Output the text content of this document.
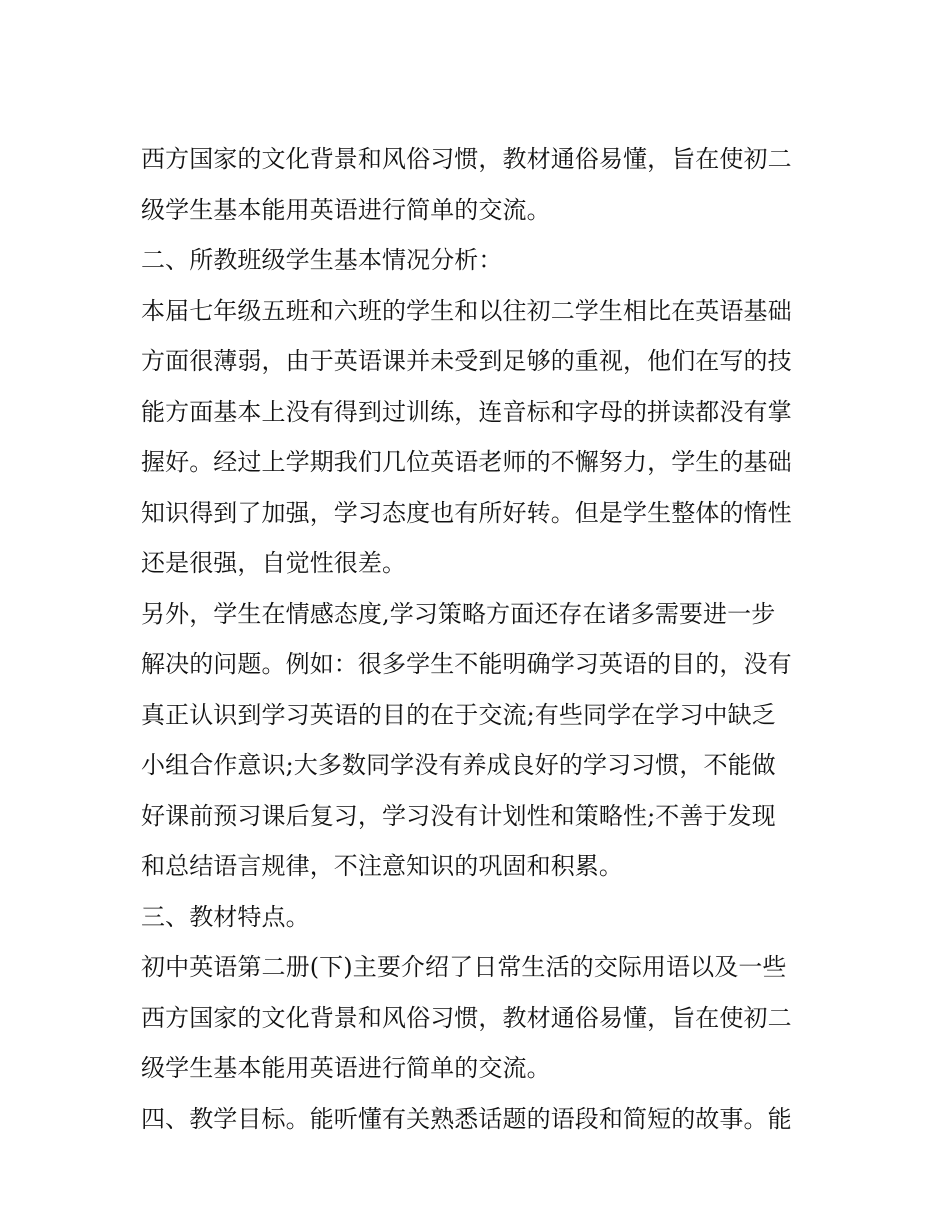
西方国家的文化背景和风俗习惯，教材通俗易懂，旨在使初二

级学生基本能用英语进行简单的交流。

二、所教班级学生基本情况分析：

本届七年级五班和六班的学生和以往初二学生相比在英语基础

方面很薄弱，由于英语课并未受到足够的重视，他们在写的技

能方面基本上没有得到过训练，连音标和字母的拼读都没有掌

握好。经过上学期我们几位英语老师的不懈努力，学生的基础

知识得到了加强，学习态度也有所好转。但是学生整体的惰性

还是很强，自觉性很差。

另外，学生在情感态度,学习策略方面还存在诸多需要进一步

解决的问题。例如：很多学生不能明确学习英语的目的，没有

真正认识到学习英语的目的在于交流;有些同学在学习中缺乏

小组合作意识;大多数同学没有养成良好的学习习惯，不能做

好课前预习课后复习，学习没有计划性和策略性;不善于发现

和总结语言规律，不注意知识的巩固和积累。

三、教材特点。

初中英语第二册(下)主要介绍了日常生活的交际用语以及一些

西方国家的文化背景和风俗习惯，教材通俗易懂，旨在使初二

级学生基本能用英语进行简单的交流。

四、教学目标。能听懂有关熟悉话题的语段和简短的故事。能
